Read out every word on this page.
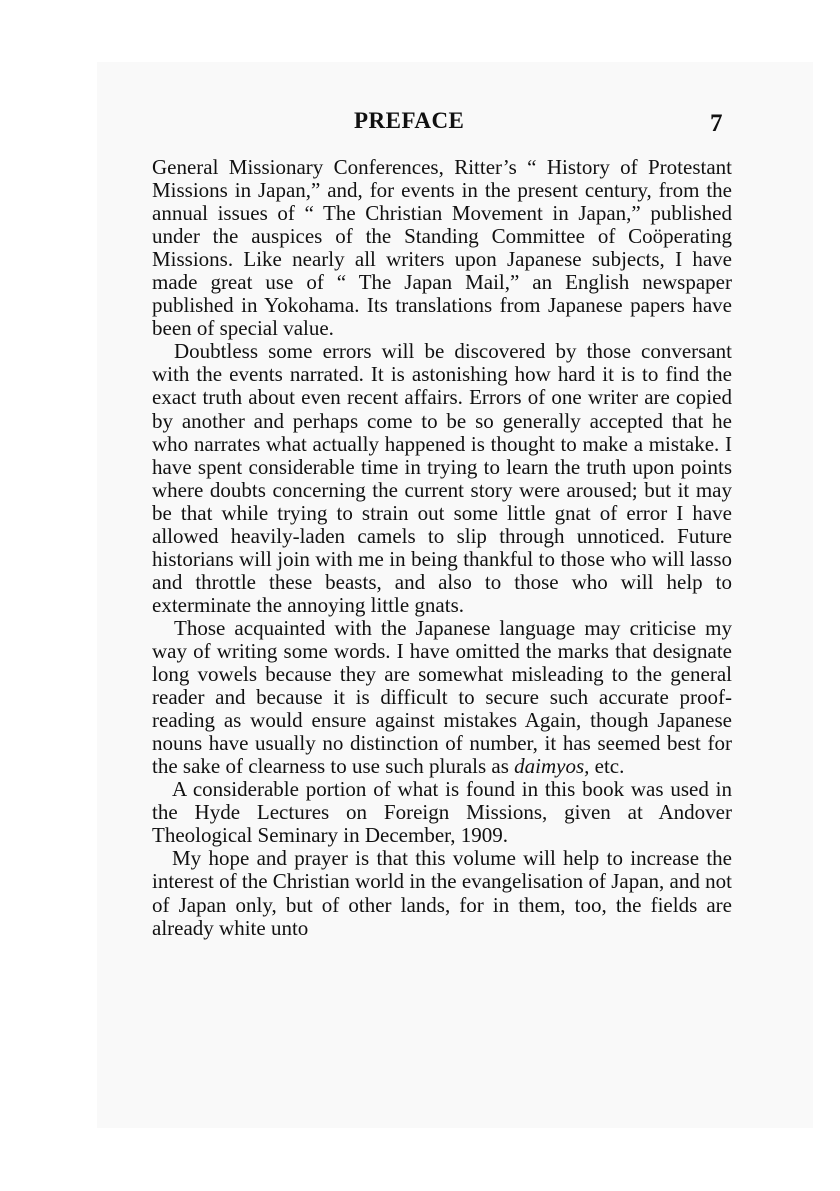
PREFACE	7

General Missionary Conferences, Ritter’s “ History of Protestant Missions in Japan,” and, for events in the present century, from the annual issues of “ The Christian Movement in Japan,” published under the auspices of the Standing Committee of Coöperating Missions. Like nearly all writers upon Japanese subjects, I have made great use of “ The Japan Mail,” an English newspaper published in Yokohama. Its translations from Japanese papers have been of special value.

Doubtless some errors will be discovered by those conversant with the events narrated. It is astonishing how hard it is to find the exact truth about even recent affairs. Errors of one writer are copied by another and perhaps come to be so generally accepted that he who narrates what actually happened is thought to make a mistake. I have spent considerable time in trying to learn the truth upon points where doubts concerning the current story were aroused; but it may be that while trying to strain out some little gnat of error I have allowed heavily-laden camels to slip through unnoticed. Future historians will join with me in being thankful to those who will lasso and throttle these beasts, and also to those who will help to exterminate the annoying little gnats.

Those acquainted with the Japanese language may criticise my way of writing some words. I have omitted the marks that designate long vowels because they are somewhat misleading to the general reader and because it is difficult to secure such accurate proof-reading as would ensure against mistakes Again, though Japanese nouns have usually no distinction of number, it has seemed best for the sake of clearness to use such plurals as daimyos, etc.

A considerable portion of what is found in this book was used in the Hyde Lectures on Foreign Missions, given at Andover Theological Seminary in December, 1909.

My hope and prayer is that this volume will help to increase the interest of the Christian world in the evangelisation of Japan, and not of Japan only, but of other lands, for in them, too, the fields are already white unto
